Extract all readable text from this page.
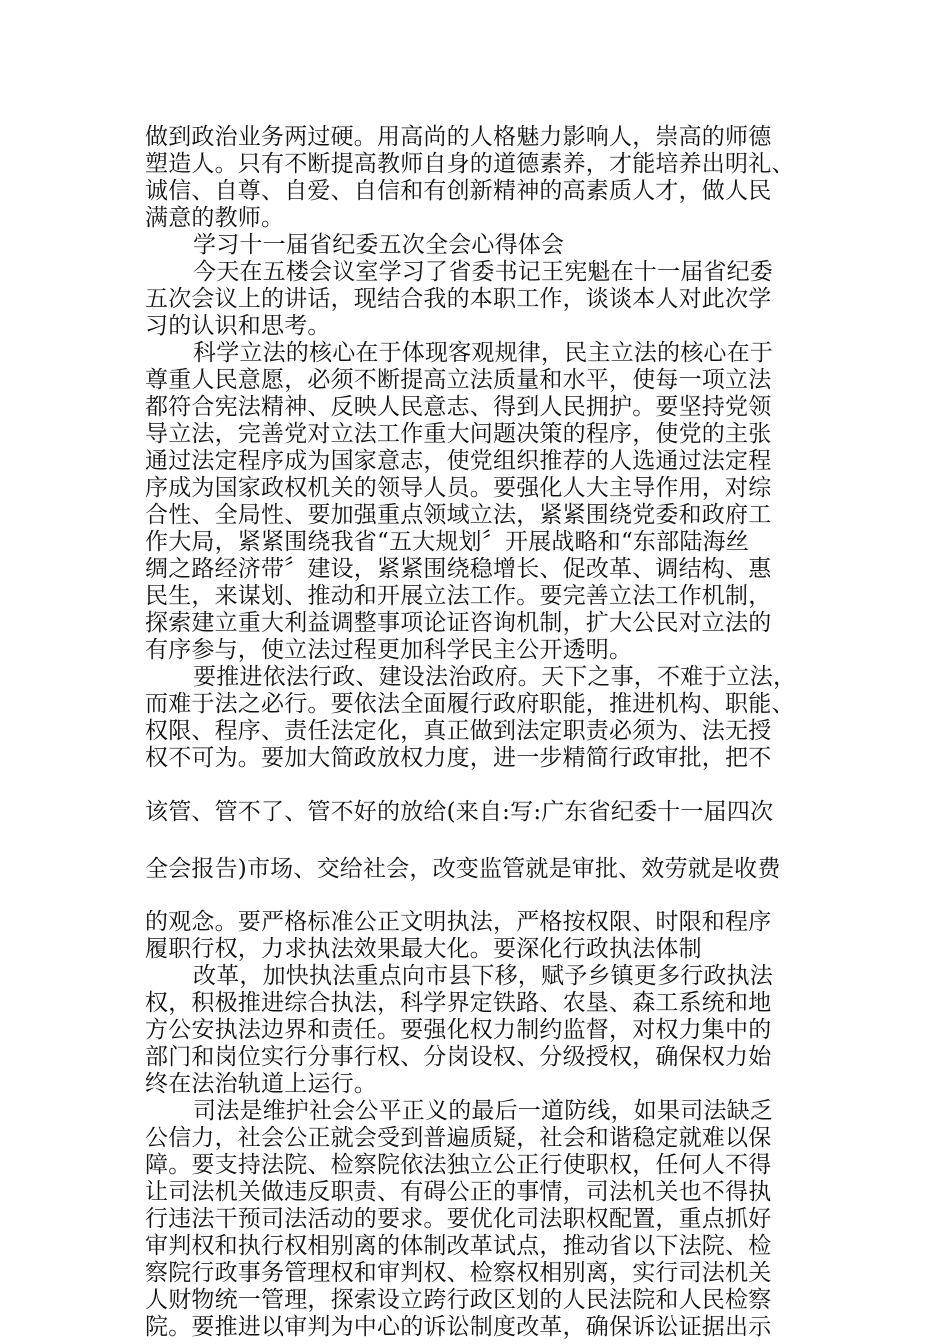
做到政治业务两过硬。用高尚的人格魅力影响人，崇高的师德
塑造人。只有不断提高教师自身的道德素养，才能培养出明礼、
诚信、自尊、自爱、自信和有创新精神的高素质人才，做人民
满意的教师。
学习十一届省纪委五次全会心得体会
今天在五楼会议室学习了省委书记王宪魁在十一届省纪委
五次会议上的讲话，现结合我的本职工作，谈谈本人对此次学
习的认识和思考。
科学立法的核心在于体现客观规律，民主立法的核心在于
尊重人民意愿，必须不断提高立法质量和水平，使每一项立法
都符合宪法精神、反映人民意志、得到人民拥护。要坚持党领
导立法，完善党对立法工作重大问题决策的程序，使党的主张
通过法定程序成为国家意志，使党组织推荐的人选通过法定程
序成为国家政权机关的领导人员。要强化人大主导作用，对综
合性、全局性、要加强重点领域立法，紧紧围绕党委和政府工
作大局，紧紧围绕我省“五大规划〞开展战略和“东部陆海丝
绸之路经济带〞建设，紧紧围绕稳增长、促改革、调结构、惠
民生，来谋划、推动和开展立法工作。要完善立法工作机制，
探索建立重大利益调整事项论证咨询机制，扩大公民对立法的
有序参与，使立法过程更加科学民主公开透明。
要推进依法行政、建设法治政府。天下之事，不难于立法，
而难于法之必行。要依法全面履行政府职能，推进机构、职能、
权限、程序、责任法定化，真正做到法定职责必须为、法无授
权不可为。要加大简政放权力度，进一步精简行政审批，把不
该管、管不了、管不好的放给(来自:写:广东省纪委十一届四次
全会报告)市场、交给社会，改变监管就是审批、效劳就是收费
的观念。要严格标准公正文明执法，严格按权限、时限和程序
履职行权，力求执法效果最大化。要深化行政执法体制
改革，加快执法重点向市县下移，赋予乡镇更多行政执法
权，积极推进综合执法，科学界定铁路、农垦、森工系统和地
方公安执法边界和责任。要强化权力制约监督，对权力集中的
部门和岗位实行分事行权、分岗设权、分级授权，确保权力始
终在法治轨道上运行。
司法是维护社会公平正义的最后一道防线，如果司法缺乏
公信力，社会公正就会受到普遍质疑，社会和谐稳定就难以保
障。要支持法院、检察院依法独立公正行使职权，任何人不得
让司法机关做违反职责、有碍公正的事情，司法机关也不得执
行违法干预司法活动的要求。要优化司法职权配置，重点抓好
审判权和执行权相别离的体制改革试点，推动省以下法院、检
察院行政事务管理权和审判权、检察权相别离，实行司法机关
人财物统一管理，探索设立跨行政区划的人民法院和人民检察
院。要推进以审判为中心的诉讼制度改革，确保诉讼证据出示
